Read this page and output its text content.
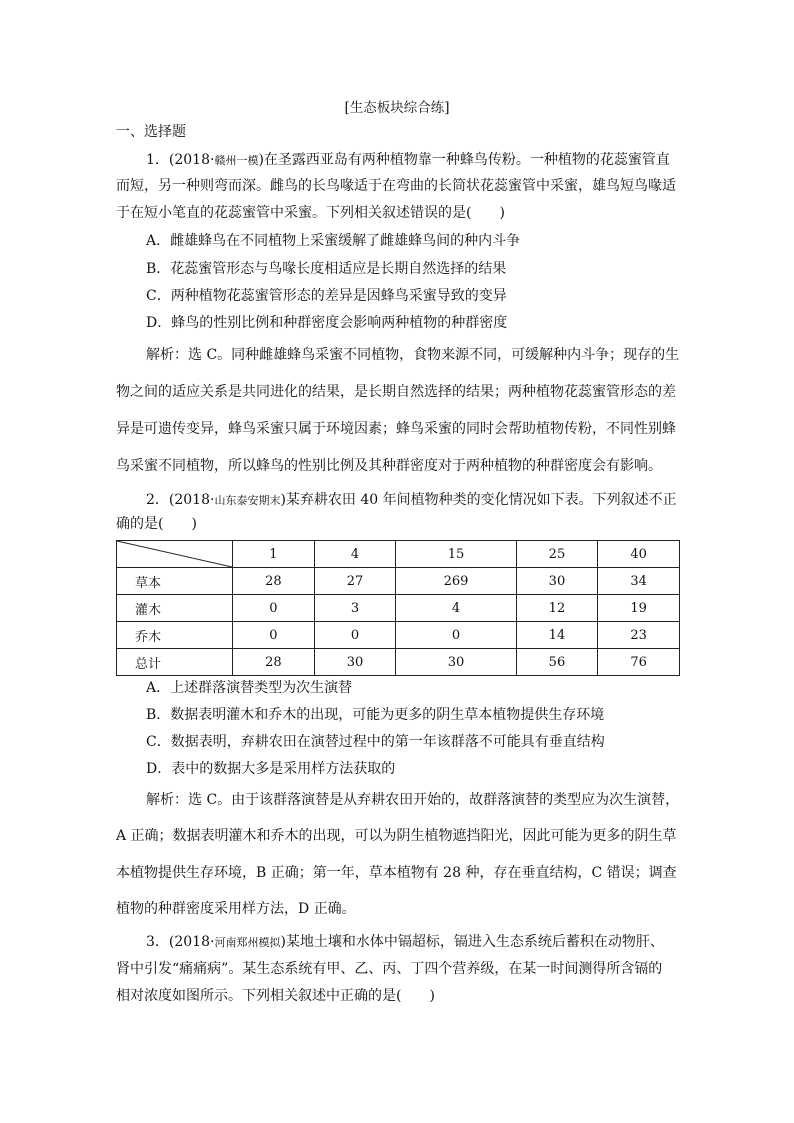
[生态板块综合练]
一、选择题
1．(2018·赣州一模)在圣露西亚岛有两种植物靠一种蜂鸟传粉。一种植物的花蕊蜜管直
而短，另一种则弯而深。雌鸟的长鸟喙适于在弯曲的长筒状花蕊蜜管中采蜜，雄鸟短鸟喙适
于在短小笔直的花蕊蜜管中采蜜。下列相关叙述错误的是(　　)
A．雌雄蜂鸟在不同植物上采蜜缓解了雌雄蜂鸟间的种内斗争
B．花蕊蜜管形态与鸟喙长度相适应是长期自然选择的结果
C．两种植物花蕊蜜管形态的差异是因蜂鸟采蜜导致的变异
D．蜂鸟的性别比例和种群密度会影响两种植物的种群密度
解析：选 C。同种雌雄蜂鸟采蜜不同植物，食物来源不同，可缓解种内斗争；现存的生
物之间的适应关系是共同进化的结果，是长期自然选择的结果；两种植物花蕊蜜管形态的差
异是可遗传变异，蜂鸟采蜜只属于环境因素；蜂鸟采蜜的同时会帮助植物传粉，不同性别蜂
鸟采蜜不同植物，所以蜂鸟的性别比例及其种群密度对于两种植物的种群密度会有影响。
2．(2018·山东泰安期末)某弃耕农田 40 年间植物种类的变化情况如下表。下列叙述不正
确的是(　　)
	1	4	15	25	40
草本	28	27	269	30	34
灌木	0	3	4	12	19
乔木	0	0	0	14	23
总计	28	30	30	56	76
A．上述群落演替类型为次生演替
B．数据表明灌木和乔木的出现，可能为更多的阴生草本植物提供生存环境
C．数据表明，弃耕农田在演替过程中的第一年该群落不可能具有垂直结构
D．表中的数据大多是采用样方法获取的
解析：选 C。由于该群落演替是从弃耕农田开始的，故群落演替的类型应为次生演替，
A 正确；数据表明灌木和乔木的出现，可以为阴生植物遮挡阳光，因此可能为更多的阴生草
本植物提供生存环境，B 正确；第一年，草本植物有 28 种，存在垂直结构，C 错误；调查
植物的种群密度采用样方法，D 正确。
3．(2018·河南郑州模拟)某地土壤和水体中镉超标，镉进入生态系统后蓄积在动物肝、
肾中引发“痛痛病”。某生态系统有甲、乙、丙、丁四个营养级，在某一时间测得所含镉的
相对浓度如图所示。下列相关叙述中正确的是(　　)
